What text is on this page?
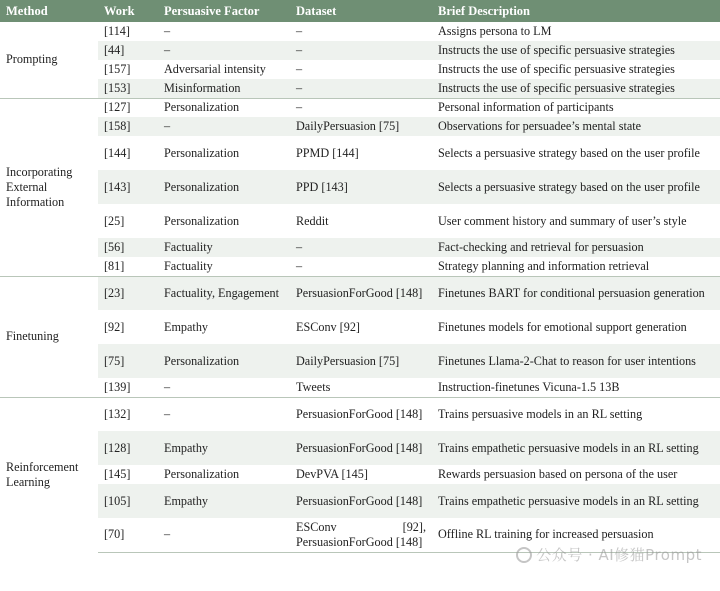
Method	Work	Persuasive Factor	Dataset	Brief Description
Prompting	[114]	–	–	Assigns persona to LM
	[44]	–	–	Instructs the use of specific persuasive strategies
	[157]	Adversarial intensity	–	Instructs the use of specific persuasive strategies
	[153]	Misinformation	–	Instructs the use of specific persuasive strategies
Incorporating External Information	[127]	Personalization	–	Personal information of participants
	[158]	–	DailyPersuasion [75]	Observations for persuadee’s mental state
	[144]	Personalization	PPMD [144]	Selects a persuasive strategy based on the user profile
	[143]	Personalization	PPD [143]	Selects a persuasive strategy based on the user profile
	[25]	Personalization	Reddit	User comment history and summary of user’s style
	[56]	Factuality	–	Fact-checking and retrieval for persuasion
	[81]	Factuality	–	Strategy planning and information retrieval
Finetuning	[23]	Factuality, Engagement	PersuasionForGood [148]	Finetunes BART for conditional persuasion generation
	[92]	Empathy	ESConv [92]	Finetunes models for emotional support generation
	[75]	Personalization	DailyPersuasion [75]	Finetunes Llama-2-Chat to reason for user intentions
	[139]	–	Tweets	Instruction-finetunes Vicuna-1.5 13B
Reinforcement Learning	[132]	–	PersuasionForGood [148]	Trains persuasive models in an RL setting
	[128]	Empathy	PersuasionForGood [148]	Trains empathetic persuasive models in an RL setting
	[145]	Personalization	DevPVA [145]	Rewards persuasion based on persona of the user
	[105]	Empathy	PersuasionForGood [148]	Trains empathetic persuasive models in an RL setting
	[70]	–	ESConv [92], PersuasionForGood [148]	Offline RL training for increased persuasion
公众号 · AI修猫Prompt
